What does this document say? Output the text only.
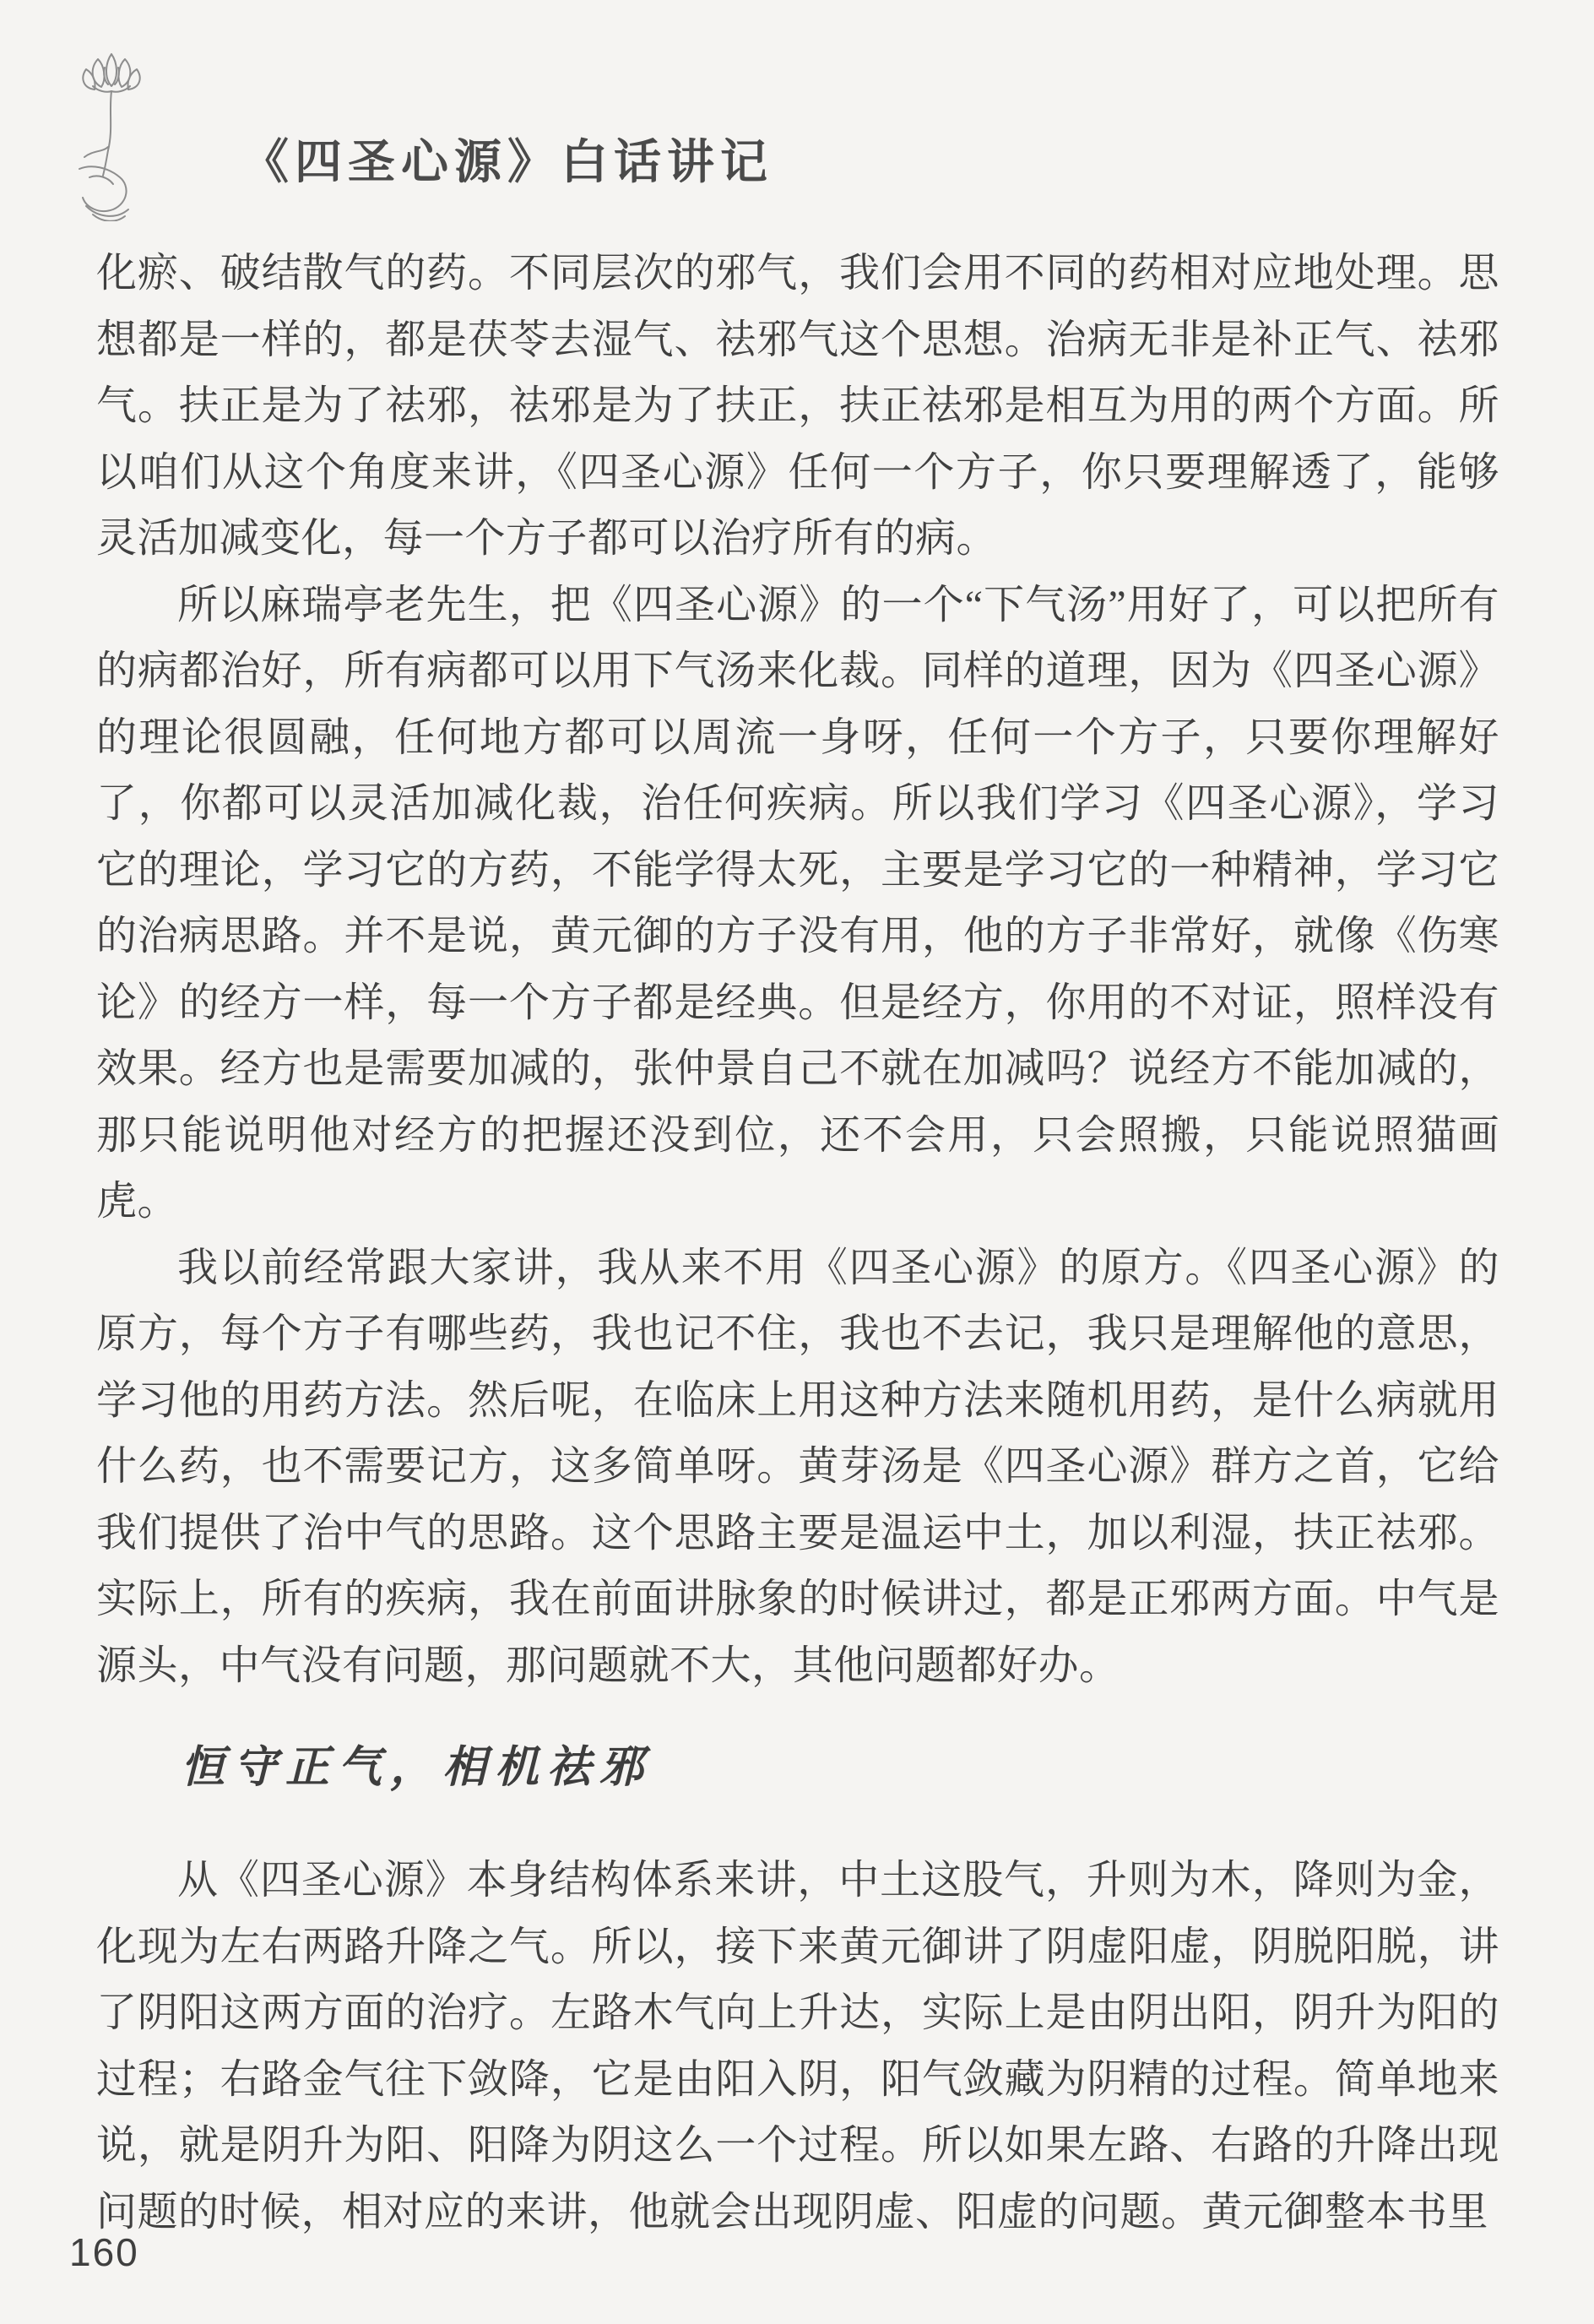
《四圣心源》白话讲记

化瘀、破结散气的药。不同层次的邪气，我们会用不同的药相对应地处理。思想都是一样的，都是茯苓去湿气、祛邪气这个思想。治病无非是补正气、祛邪气。扶正是为了祛邪，祛邪是为了扶正，扶正祛邪是相互为用的两个方面。所以咱们从这个角度来讲，《四圣心源》任何一个方子，你只要理解透了，能够灵活加减变化，每一个方子都可以治疗所有的病。

所以麻瑞亭老先生，把《四圣心源》的一个“下气汤”用好了，可以把所有的病都治好，所有病都可以用下气汤来化裁。同样的道理，因为《四圣心源》的理论很圆融，任何地方都可以周流一身呀，任何一个方子，只要你理解好了，你都可以灵活加减化裁，治任何疾病。所以我们学习《四圣心源》，学习它的理论，学习它的方药，不能学得太死，主要是学习它的一种精神，学习它的治病思路。并不是说，黄元御的方子没有用，他的方子非常好，就像《伤寒论》的经方一样，每一个方子都是经典。但是经方，你用的不对证，照样没有效果。经方也是需要加减的，张仲景自己不就在加减吗？说经方不能加减的，那只能说明他对经方的把握还没到位，还不会用，只会照搬，只能说照猫画虎。

我以前经常跟大家讲，我从来不用《四圣心源》的原方。《四圣心源》的原方，每个方子有哪些药，我也记不住，我也不去记，我只是理解他的意思，学习他的用药方法。然后呢，在临床上用这种方法来随机用药，是什么病就用什么药，也不需要记方，这多简单呀。黄芽汤是《四圣心源》群方之首，它给我们提供了治中气的思路。这个思路主要是温运中土，加以利湿，扶正祛邪。实际上，所有的疾病，我在前面讲脉象的时候讲过，都是正邪两方面。中气是源头，中气没有问题，那问题就不大，其他问题都好办。

恒守正气，相机祛邪

从《四圣心源》本身结构体系来讲，中土这股气，升则为木，降则为金，化现为左右两路升降之气。所以，接下来黄元御讲了阴虚阳虚，阴脱阳脱，讲了阴阳这两方面的治疗。左路木气向上升达，实际上是由阴出阳，阴升为阳的过程；右路金气往下敛降，它是由阳入阴，阳气敛藏为阴精的过程。简单地来说，就是阴升为阳、阳降为阴这么一个过程。所以如果左路、右路的升降出现问题的时候，相对应的来讲，他就会出现阴虚、阳虚的问题。黄元御整本书里

160
